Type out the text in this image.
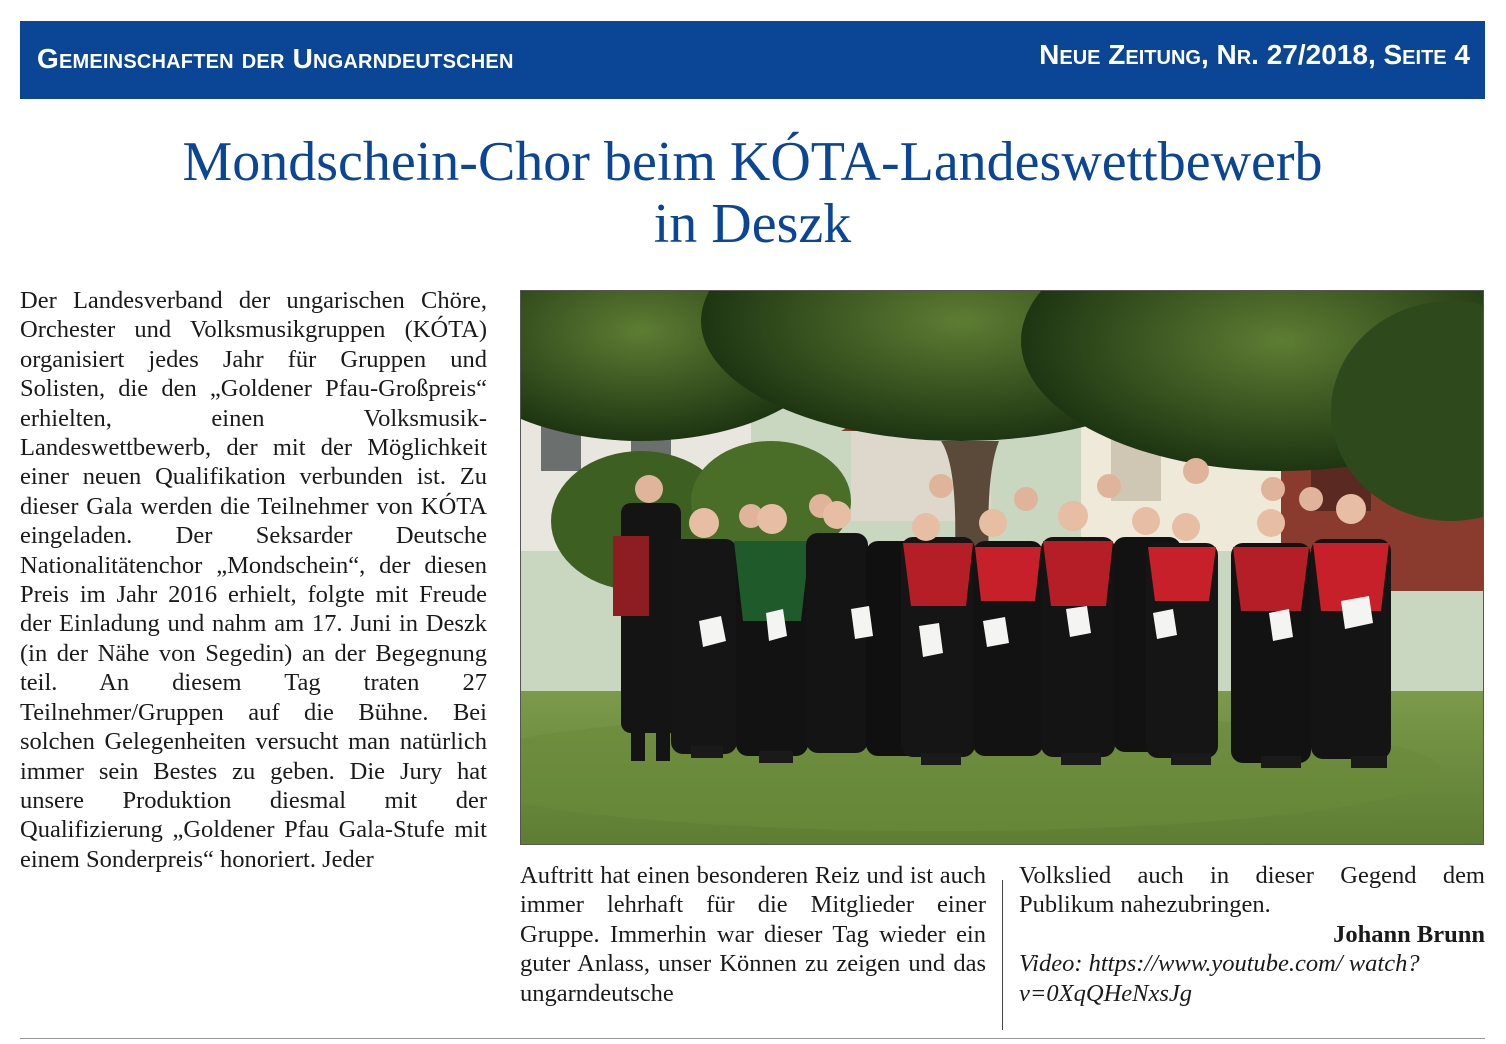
Gemeinschaften der Ungarndeutschen	Neue Zeitung, Nr. 27/2018, Seite 4
Mondschein-Chor beim KÓTA-Landeswettbewerb
in Deszk

Der Landesverband der ungarischen Chöre, Orchester und Volksmusikgruppen (KÓTA) organisiert jedes Jahr für Gruppen und Solisten, die den „Goldener Pfau-Großpreis“ erhielten, einen Volksmusik-Landeswettbewerb, der mit der Möglichkeit einer neuen Qualifikation verbunden ist. Zu dieser Gala werden die Teilnehmer von KÓTA eingeladen. Der Seksarder Deutsche Nationalitätenchor „Mondschein“, der diesen Preis im Jahr 2016 erhielt, folgte mit Freude der Einladung und nahm am 17. Juni in Deszk (in der Nähe von Segedin) an der Begegnung teil. An diesem Tag traten 27 Teilnehmer/Gruppen auf die Bühne. Bei solchen Gelegenheiten versucht man natürlich immer sein Bestes zu geben. Die Jury hat unsere Produktion diesmal mit der Qualifizierung „Goldener Pfau Gala-Stufe mit einem Sonderpreis“ honoriert. Jeder

Auftritt hat einen besonderen Reiz und ist auch immer lehrhaft für die Mitglieder einer Gruppe. Immerhin war dieser Tag wieder ein guter Anlass, unser Können zu zeigen und das ungarndeutsche

Volkslied auch in dieser Gegend dem Publikum nahezubringen.
Johann Brunn
Video: https://www.youtube.com/ watch? v=0XqQHeNxsJg
